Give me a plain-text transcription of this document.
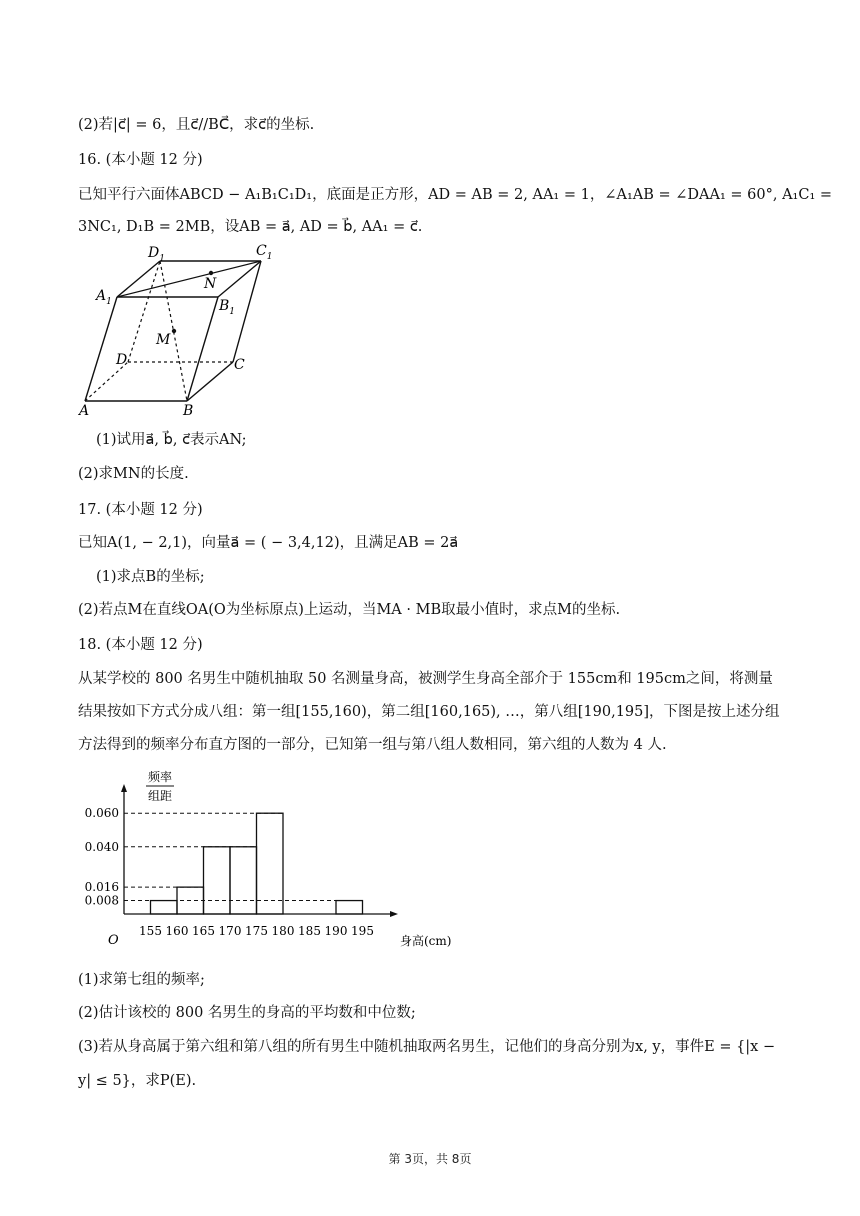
(2)若|c⃗| = 6，且c⃗//BC⃗，求c⃗的坐标.
16. (本小题 12 分)
已知平行六面体ABCD − A₁B₁C₁D₁，底面是正方形，AD = AB = 2, AA₁ = 1，∠A₁AB = ∠DAA₁ = 60°, A₁C₁ =
3NC₁, D₁B = 2MB，设AB = a⃗, AD = b⃗, AA₁ = c⃗.
$D_1$	$C_1$
$A_1$	$B_1$
N
M
D	C
A	B
(1)试用a⃗, b⃗, c⃗表示AN;
(2)求MN的长度.
17. (本小题 12 分)
已知A(1, − 2,1)，向量a⃗ = ( − 3,4,12)，且满足AB = 2a⃗
(1)求点B的坐标;
(2)若点M在直线OA(O为坐标原点)上运动，当MA · MB取最小值时，求点M的坐标.
18. (本小题 12 分)
从某学校的 800 名男生中随机抽取 50 名测量身高，被测学生身高全部介于 155cm和 195cm之间，将测量
结果按如下方式分成八组：第一组[155,160)，第二组[160,165), …，第八组[190,195]，下图是按上述分组
方法得到的频率分布直方图的一部分，已知第一组与第八组人数相同，第六组的人数为 4 人.
频率
组距
O	身高(cm)
0.060
0.040
0.016
0.008
155 160 165 170 175 180 185 190 195
(1)求第七组的频率;
(2)估计该校的 800 名男生的身高的平均数和中位数;
(3)若从身高属于第六组和第八组的所有男生中随机抽取两名男生，记他们的身高分别为x, y，事件E = {|x −
y| ≤ 5}，求P(E).
第 3页，共 8页
